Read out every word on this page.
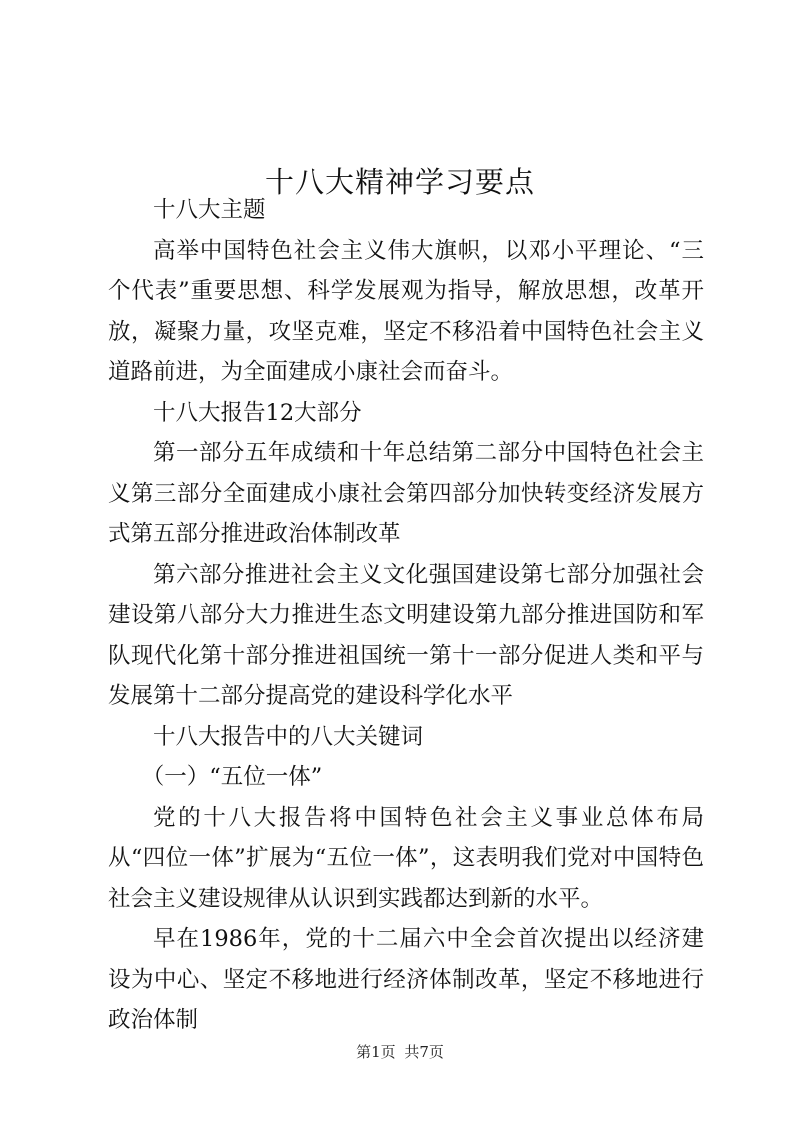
十八大精神学习要点

十八大主题

高举中国特色社会主义伟大旗帜，以邓小平理论、“三个代表”重要思想、科学发展观为指导，解放思想，改革开放，凝聚力量，攻坚克难，坚定不移沿着中国特色社会主义道路前进，为全面建成小康社会而奋斗。

十八大报告12大部分

第一部分五年成绩和十年总结第二部分中国特色社会主义第三部分全面建成小康社会第四部分加快转变经济发展方式第五部分推进政治体制改革

第六部分推进社会主义文化强国建设第七部分加强社会建设第八部分大力推进生态文明建设第九部分推进国防和军队现代化第十部分推进祖国统一第十一部分促进人类和平与发展第十二部分提高党的建设科学化水平

十八大报告中的八大关键词

（一）“五位一体”

党的十八大报告将中国特色社会主义事业总体布局从“四位一体”扩展为“五位一体”，这表明我们党对中国特色社会主义建设规律从认识到实践都达到新的水平。

早在1986年，党的十二届六中全会首次提出以经济建设为中心、坚定不移地进行经济体制改革，坚定不移地进行政治体制

第1页 共7页
